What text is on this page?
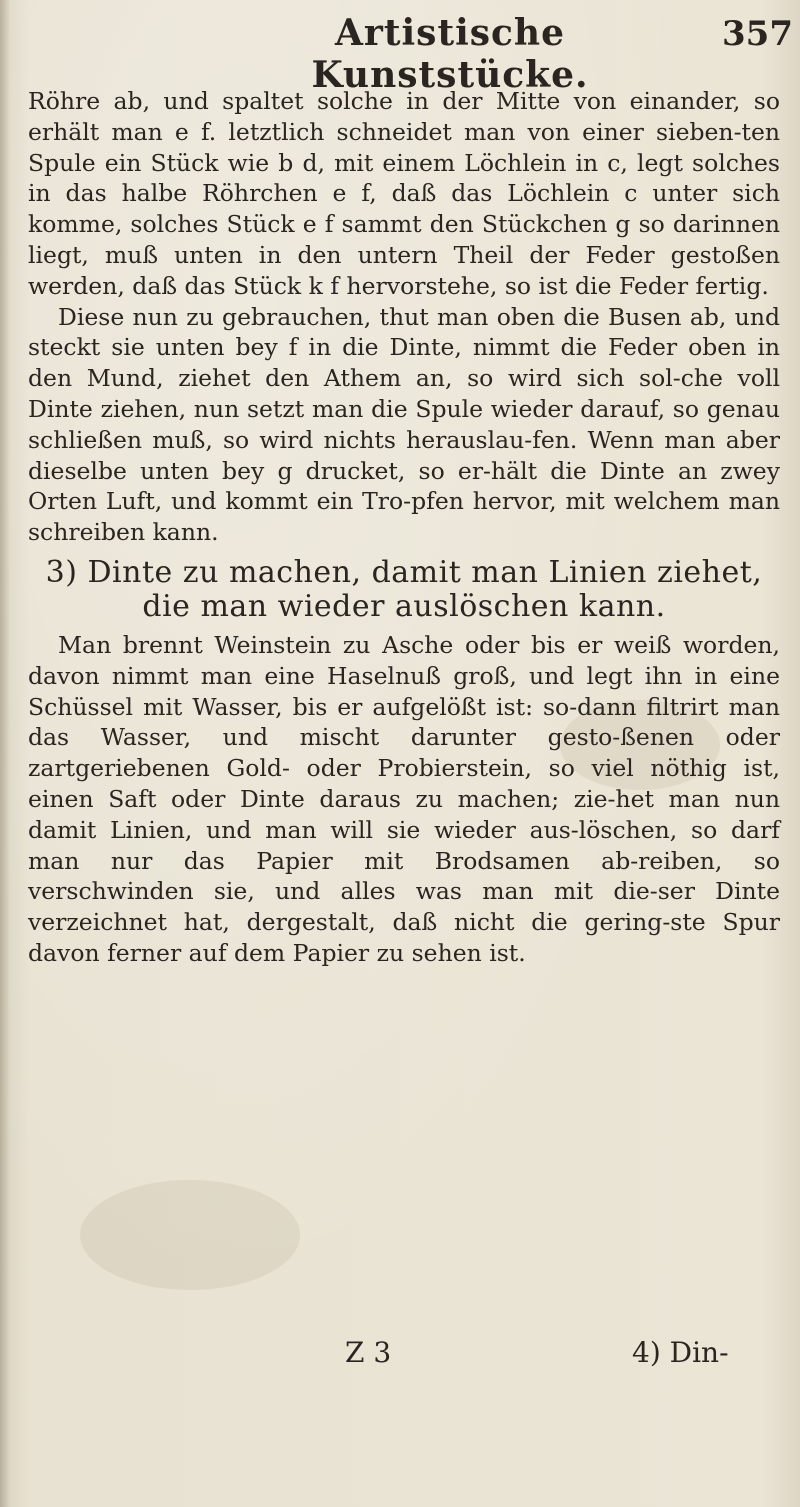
Artistische Kunststücke.
357

Röhre ab, und spaltet solche in der Mitte von einander, so erhält man e f. letztlich schneidet man von einer sieben-ten Spule ein Stück wie b d, mit einem Löchlein in c, legt solches in das halbe Röhrchen e f, daß das Löchlein c unter sich komme, solches Stück e f sammt den Stückchen g so darinnen liegt, muß unten in den untern Theil der Feder gestoßen werden, daß das Stück k f hervorstehe, so ist die Feder fertig.

Diese nun zu gebrauchen, thut man oben die Busen ab, und steckt sie unten bey f in die Dinte, nimmt die Feder oben in den Mund, ziehet den Athem an, so wird sich sol-che voll Dinte ziehen, nun setzt man die Spule wieder darauf, so genau schließen muß, so wird nichts herauslau-fen. Wenn man aber dieselbe unten bey g drucket, so er-hält die Dinte an zwey Orten Luft, und kommt ein Tro-pfen hervor, mit welchem man schreiben kann.

3) Dinte zu machen, damit man Linien ziehet, die man wieder auslöschen kann.

Man brennt Weinstein zu Asche oder bis er weiß worden, davon nimmt man eine Haselnuß groß, und legt ihn in eine Schüssel mit Wasser, bis er aufgelößt ist: so-dann filtrirt man das Wasser, und mischt darunter gesto-ßenen oder zartgeriebenen Gold- oder Probierstein, so viel nöthig ist, einen Saft oder Dinte daraus zu machen; zie-het man nun damit Linien, und man will sie wieder aus-löschen, so darf man nur das Papier mit Brodsamen ab-reiben, so verschwinden sie, und alles was man mit die-ser Dinte verzeichnet hat, dergestalt, daß nicht die gering-ste Spur davon ferner auf dem Papier zu sehen ist.

Z 3	4) Din-
